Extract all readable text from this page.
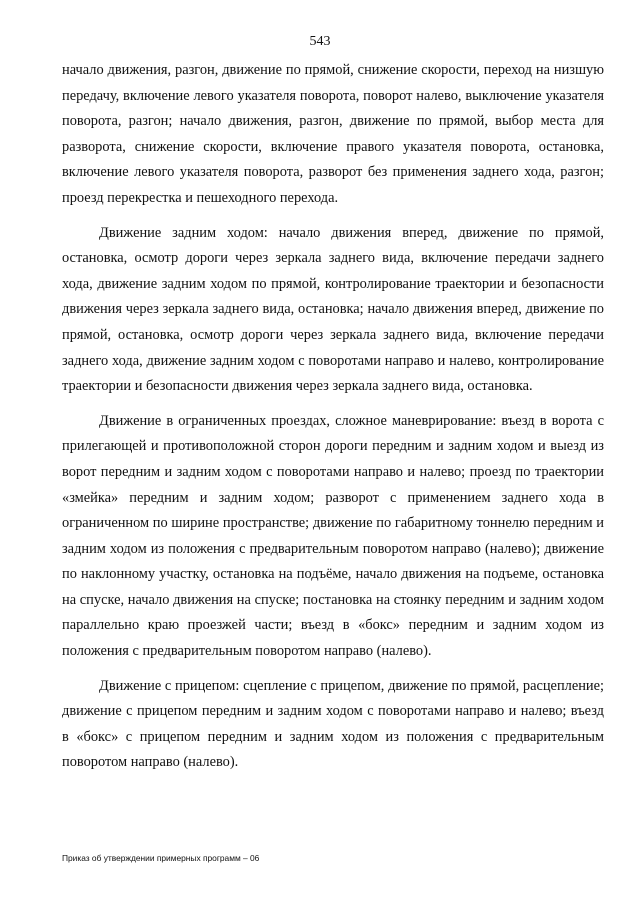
543

начало движения, разгон, движение по прямой, снижение скорости, переход на низшую передачу, включение левого указателя поворота, поворот налево, выключение указателя поворота, разгон; начало движения, разгон, движение по прямой, выбор места для разворота, снижение скорости, включение правого указателя поворота, остановка, включение левого указателя поворота, разворот без применения заднего хода, разгон; проезд перекрестка и пешеходного перехода.

Движение задним ходом: начало движения вперед, движение по прямой, остановка, осмотр дороги через зеркала заднего вида, включение передачи заднего хода, движение задним ходом по прямой, контролирование траектории и безопасности движения через зеркала заднего вида, остановка; начало движения вперед, движение по прямой, остановка, осмотр дороги через зеркала заднего вида, включение передачи заднего хода, движение задним ходом с поворотами направо и налево, контролирование траектории и безопасности движения через зеркала заднего вида, остановка.

Движение в ограниченных проездах, сложное маневрирование: въезд в ворота с прилегающей и противоположной сторон дороги передним и задним ходом и выезд из ворот передним и задним ходом с поворотами направо и налево; проезд по траектории «змейка» передним и задним ходом; разворот с применением заднего хода в ограниченном по ширине пространстве; движение по габаритному тоннелю передним и задним ходом из положения с предварительным поворотом направо (налево); движение по наклонному участку, остановка на подъёме, начало движения на подъеме, остановка на спуске, начало движения на спуске; постановка на стоянку передним и задним ходом параллельно краю проезжей части; въезд в «бокс» передним и задним ходом из положения с предварительным поворотом направо (налево).

Движение с прицепом: сцепление с прицепом, движение по прямой, расцепление; движение с прицепом передним и задним ходом с поворотами направо и налево; въезд в «бокс» с прицепом передним и задним ходом из положения с предварительным поворотом направо (налево).

Приказ об утверждении примерных программ – 06
